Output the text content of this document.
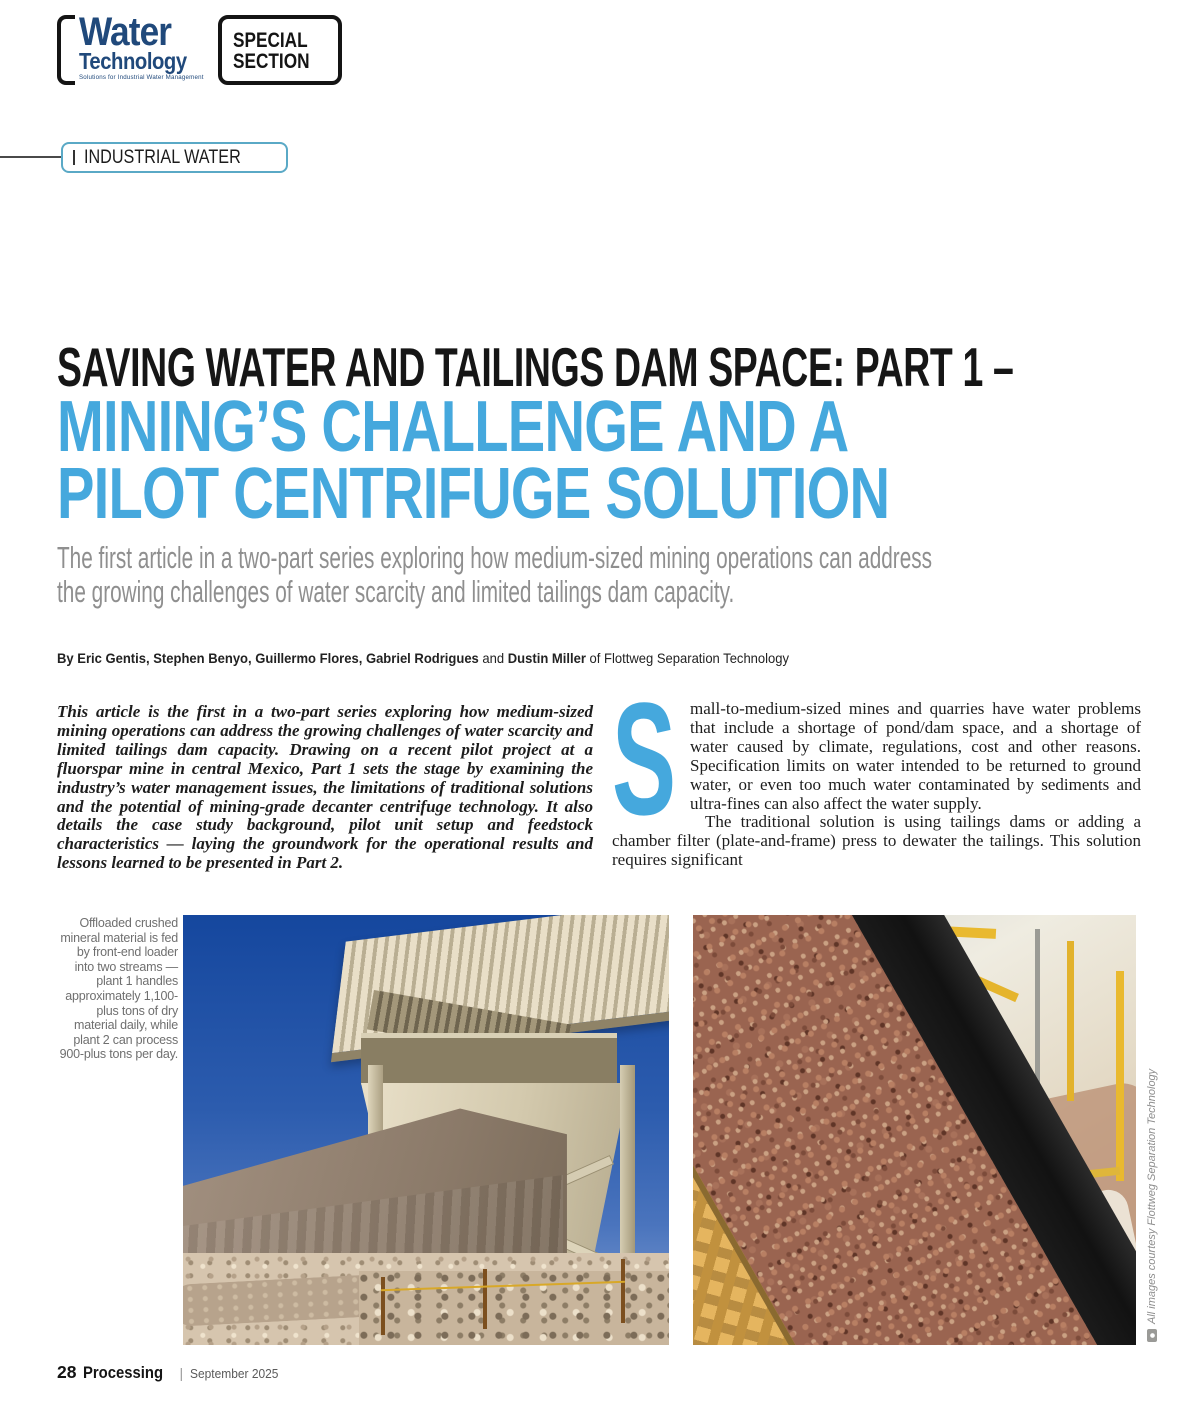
Water
Technology
Solutions for Industrial Water Management
SPECIAL
SECTION
INDUSTRIAL WATER
SAVING WATER AND TAILINGS DAM SPACE: PART 1 –
MINING’S CHALLENGE AND A
PILOT CENTRIFUGE SOLUTION
The first article in a two-part series exploring how medium-sized mining operations can address the growing challenges of water scarcity and limited tailings dam capacity.
By Eric Gentis, Stephen Benyo, Guillermo Flores, Gabriel Rodrigues and Dustin Miller of Flottweg Separation Technology
This article is the first in a two-part series exploring how medium-sized mining operations can address the growing challenges of water scarcity and limited tailings dam capacity. Drawing on a recent pilot project at a fluorspar mine in central Mexico, Part 1 sets the stage by examining the industry’s water management issues, the limitations of traditional solutions and the potential of mining-grade decanter centrifuge technology. It also details the case study background, pilot unit setup and feedstock characteristics — laying the groundwork for the operational results and lessons learned to be presented in Part 2.
S mall-to-medium-sized mines and quarries have water problems that include a shortage of pond/dam space, and a shortage of water caused by climate, regulations, cost and other reasons. Specification limits on water intended to be returned to ground water, or even too much water contaminated by sediments and ultra-fines can also affect the water supply.
The traditional solution is using tailings dams or adding a chamber filter (plate-and-frame) press to dewater the tailings. This solution requires significant
Offloaded crushed mineral material is fed by front-end loader into two streams — plant 1 handles approximately 1,100-plus tons of dry material daily, while plant 2 can process 900-plus tons per day.
All images courtesy Flottweg Separation Technology
28 Processing | September 2025
